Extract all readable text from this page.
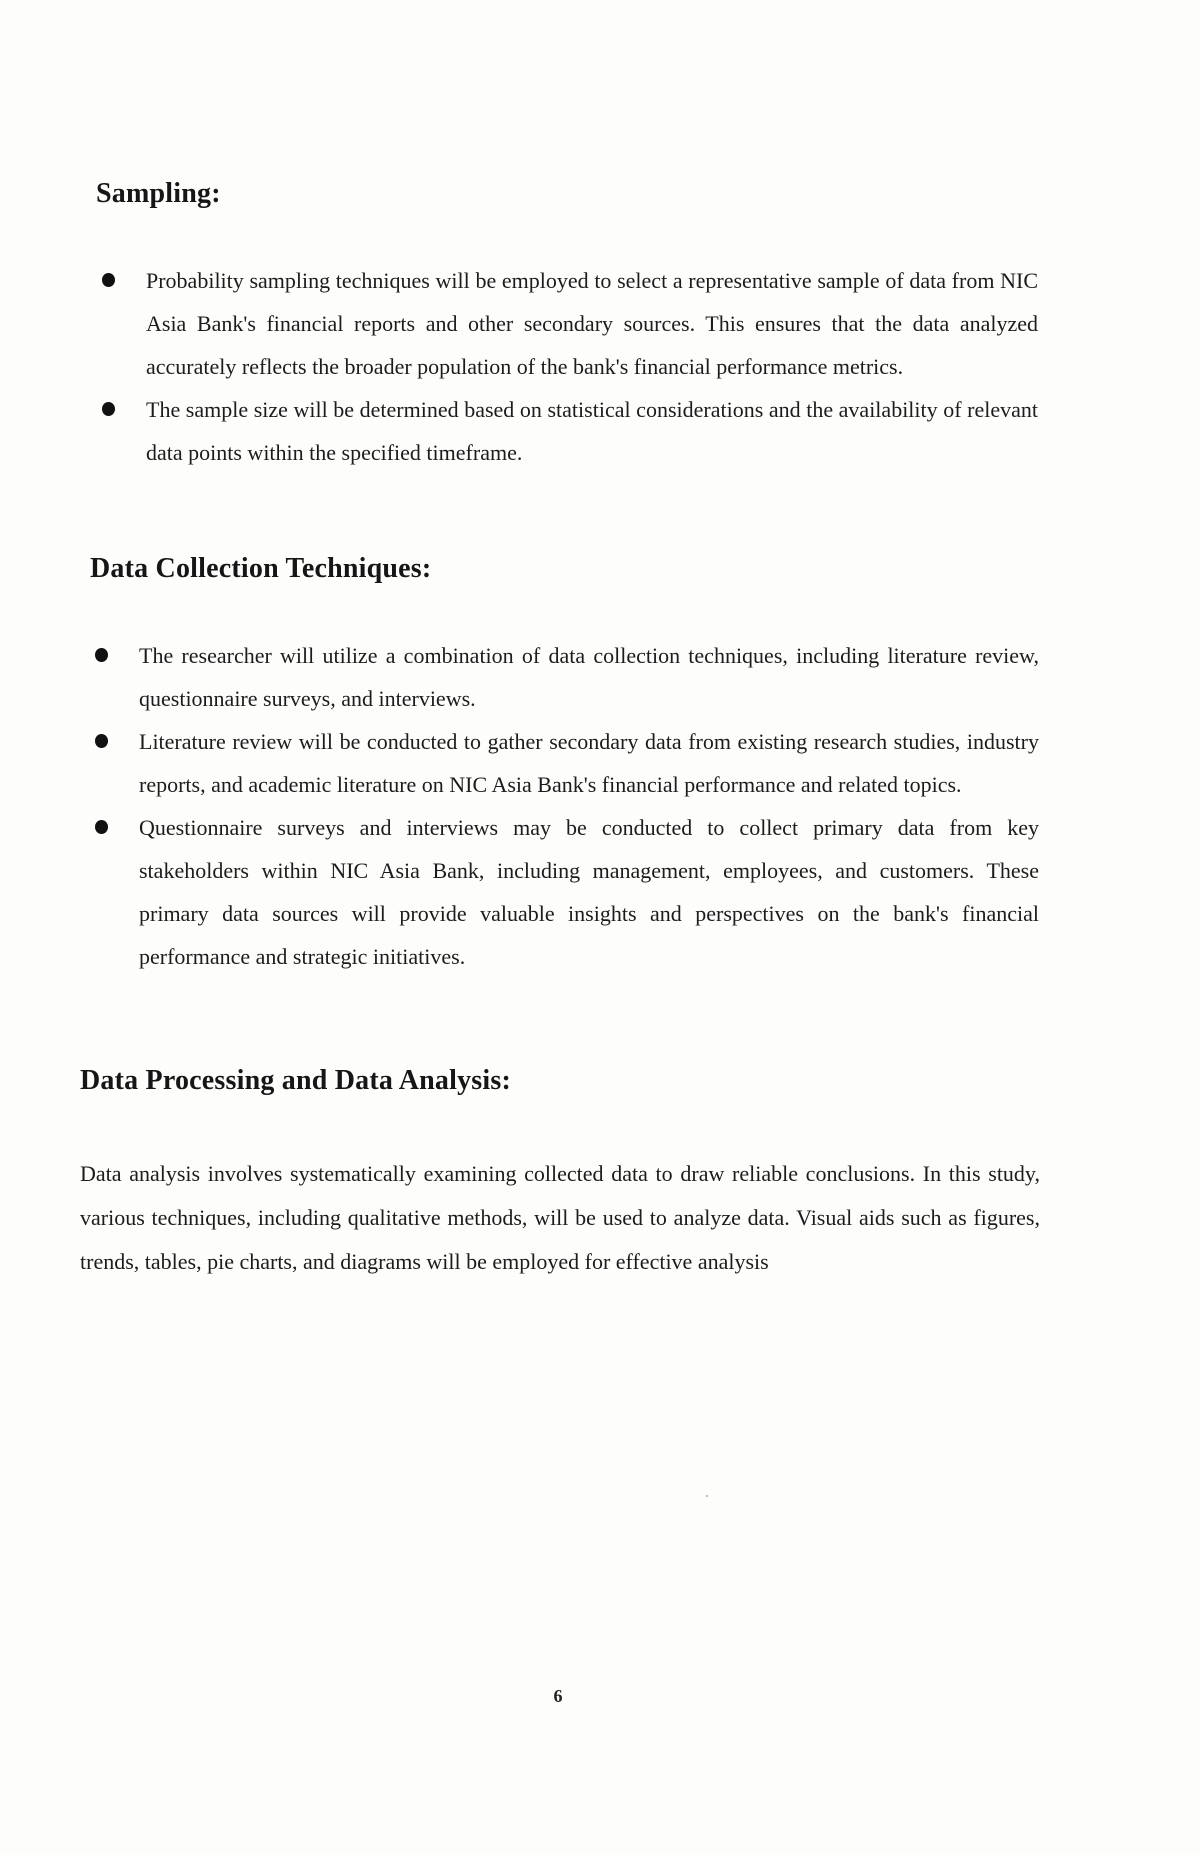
Sampling:
Probability sampling techniques will be employed to select a representative sample of data from NIC Asia Bank's financial reports and other secondary sources. This ensures that the data analyzed accurately reflects the broader population of the bank's financial performance metrics.
The sample size will be determined based on statistical considerations and the availability of relevant data points within the specified timeframe.
Data Collection Techniques:
The researcher will utilize a combination of data collection techniques, including literature review, questionnaire surveys, and interviews.
Literature review will be conducted to gather secondary data from existing research studies, industry reports, and academic literature on NIC Asia Bank's financial performance and related topics.
Questionnaire surveys and interviews may be conducted to collect primary data from key stakeholders within NIC Asia Bank, including management, employees, and customers. These primary data sources will provide valuable insights and perspectives on the bank's financial performance and strategic initiatives.
Data Processing and Data Analysis:

Data analysis involves systematically examining collected data to draw reliable conclusions. In this study, various techniques, including qualitative methods, will be used to analyze data. Visual aids such as figures, trends, tables, pie charts, and diagrams will be employed for effective analysis

6
